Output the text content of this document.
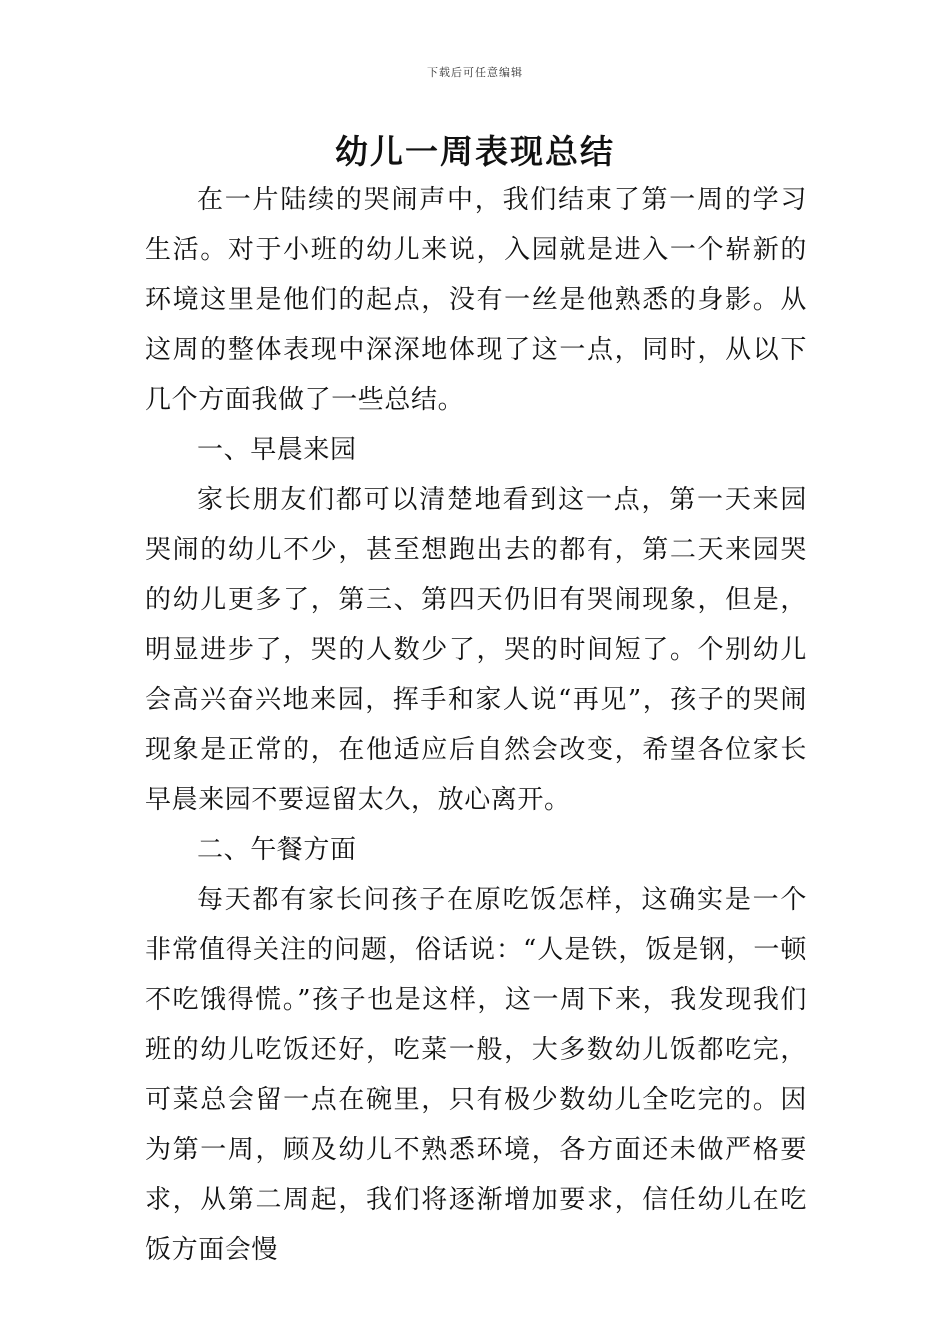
下载后可任意编辑
幼儿一周表现总结

在一片陆续的哭闹声中，我们结束了第一周的学习生活。对于小班的幼儿来说，入园就是进入一个崭新的环境这里是他们的起点，没有一丝是他熟悉的身影。从这周的整体表现中深深地体现了这一点，同时，从以下几个方面我做了一些总结。

一、早晨来园

家长朋友们都可以清楚地看到这一点，第一天来园哭闹的幼儿不少，甚至想跑出去的都有，第二天来园哭的幼儿更多了，第三、第四天仍旧有哭闹现象，但是，明显进步了，哭的人数少了，哭的时间短了。个别幼儿会高兴奋兴地来园，挥手和家人说“再见”，孩子的哭闹现象是正常的，在他适应后自然会改变，希望各位家长早晨来园不要逗留太久，放心离开。

二、午餐方面

每天都有家长问孩子在原吃饭怎样，这确实是一个非常值得关注的问题，俗话说：“人是铁，饭是钢，一顿不吃饿得慌。”孩子也是这样，这一周下来，我发现我们班的幼儿吃饭还好，吃菜一般，大多数幼儿饭都吃完，可菜总会留一点在碗里，只有极少数幼儿全吃完的。因为第一周，顾及幼儿不熟悉环境，各方面还未做严格要求，从第二周起，我们将逐渐增加要求，信任幼儿在吃饭方面会慢
